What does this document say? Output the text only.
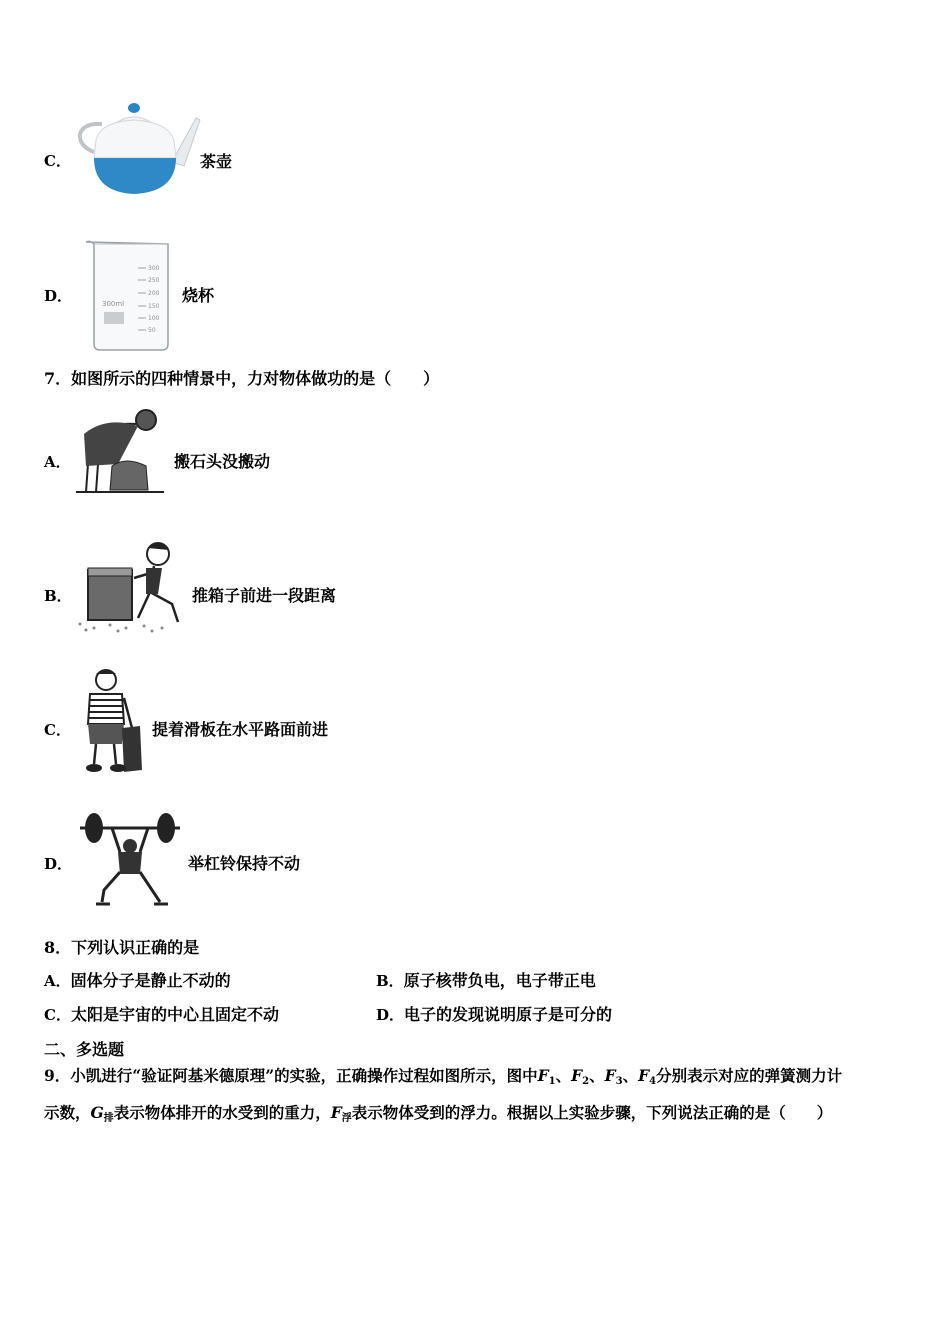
C．	茶壶
D．
300
250
200
150
100
50
300ml	烧杯
7．如图所示的四种情景中，力对物体做功的是（　　）
A．	搬石头没搬动
B．	推箱子前进一段距离
C．	提着滑板在水平路面前进
D．	举杠铃保持不动
8．下列认识正确的是
A．固体分子是静止不动的	B．原子核带负电，电子带正电
C．太阳是宇宙的中心且固定不动	D．电子的发现说明原子是可分的
二、多选题
9．小凯进行“验证阿基米德原理”的实验，正确操作过程如图所示，图中F1、F2、F3、F4分别表示对应的弹簧测力计
示数，G排表示物体排开的水受到的重力，F浮表示物体受到的浮力。根据以上实验步骤，下列说法正确的是（　　）
